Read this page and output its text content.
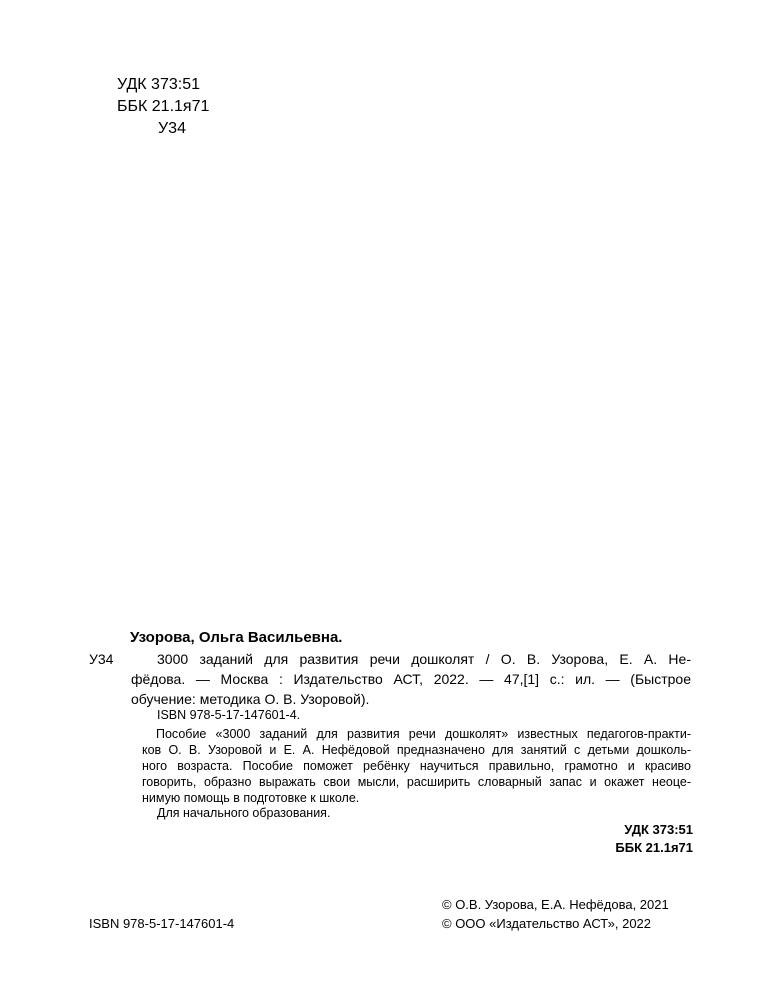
УДК 373:51
ББК 21.1я71
У34
Узорова, Ольга Васильевна.
У34	3000 заданий для развития речи дошколят / О. В. Узорова, Е. А. Не-
фёдова. — Москва : Издательство АСТ, 2022. — 47,[1] с.: ил. — (Быстрое
обучение: методика О. В. Узоровой).
ISBN 978-5-17-147601-4.
Пособие «3000 заданий для развития речи дошколят» известных педагогов-практи-
ков О. В. Узоровой и Е. А. Нефёдовой предназначено для занятий с детьми дошколь-
ного возраста. Пособие поможет ребёнку научиться правильно, грамотно и красиво
говорить, образно выражать свои мысли, расширить словарный запас и окажет неоце-
нимую помощь в подготовке к школе.
Для начального образования.
УДК 373:51
ББК 21.1я71
© О.В. Узорова, Е.А. Нефёдова, 2021
ISBN 978-5-17-147601-4	© ООО «Издательство АСТ», 2022
